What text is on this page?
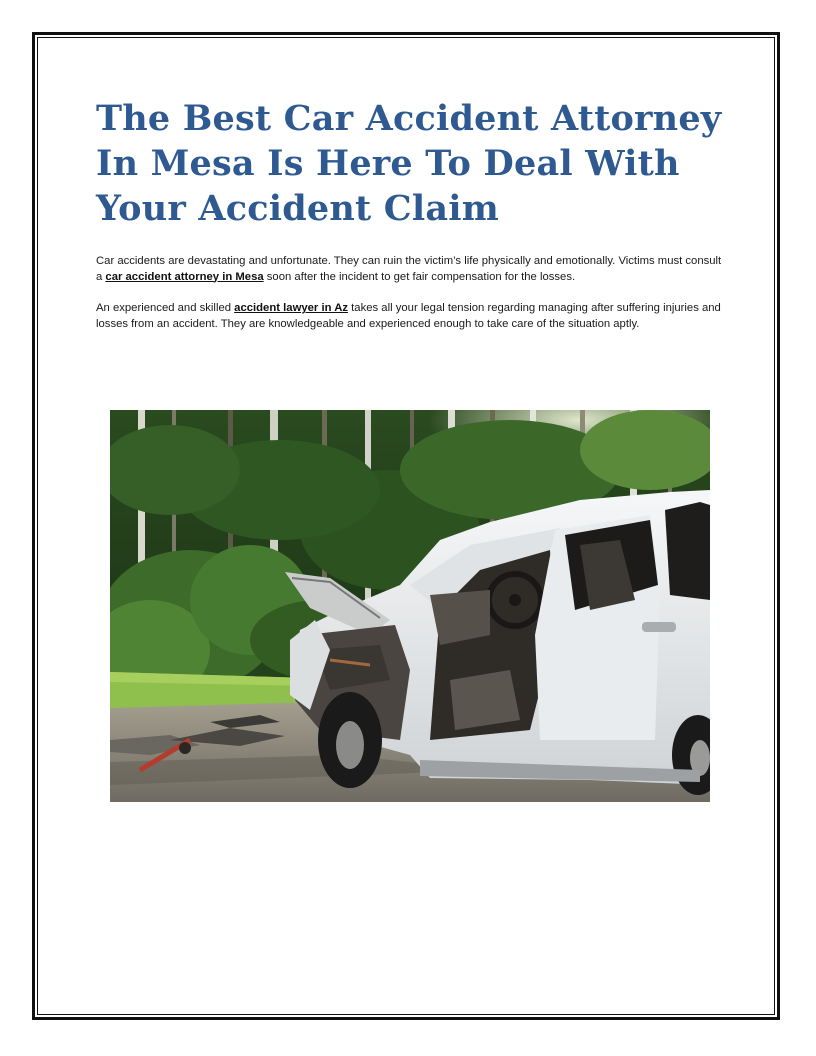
The Best Car Accident Attorney In Mesa Is Here To Deal With Your Accident Claim

Car accidents are devastating and unfortunate. They can ruin the victim’s life physically and emotionally. Victims must consult a car accident attorney in Mesa soon after the incident to get fair compensation for the losses.

An experienced and skilled accident lawyer in Az takes all your legal tension regarding managing after suffering injuries and losses from an accident. They are knowledgeable and experienced enough to take care of the situation aptly.
